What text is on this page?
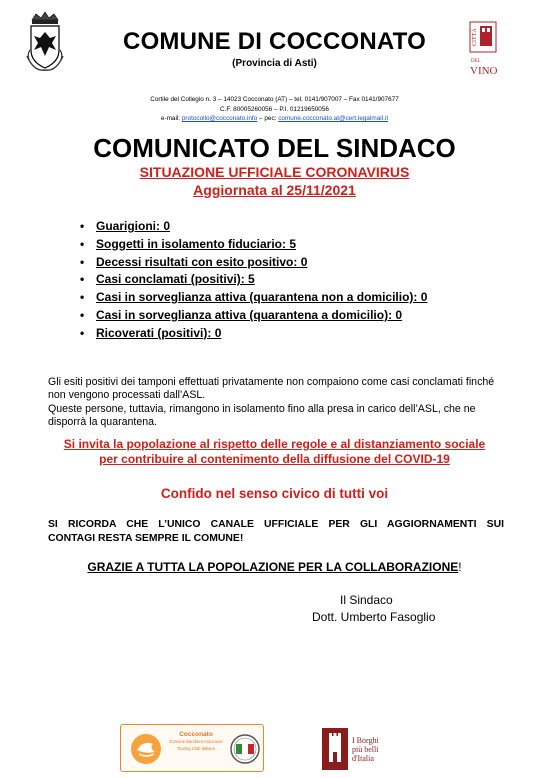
CITTÀ
DEL
VINO
COMUNE DI COCCONATO
(Provincia di Asti)
Cortile del Collegio n. 3 – 14023 Cocconato (AT) – tel. 0141/907007 – Fax 0141/907677
C.F. 80005260056 – P.I. 01219650056
e-mail: protocollo@cocconato.info – pec: comune.cocconato.at@cert.legalmail.it
COMUNICATO DEL SINDACO
SITUAZIONE UFFICIALE CORONAVIRUS
Aggiornata al 25/11/2021
• Guarigioni: 0
• Soggetti in isolamento fiduciario: 5
• Decessi risultati con esito positivo: 0
• Casi conclamati (positivi): 5
• Casi in sorveglianza attiva (quarantena non a domicilio): 0
• Casi in sorveglianza attiva (quarantena a domicilio): 0
• Ricoverati (positivi): 0
Gli esiti positivi dei tamponi effettuati privatamente non compaiono come casi conclamati finché
non vengono processati dall’ASL.
Queste persone, tuttavia, rimangono in isolamento fino alla presa in carico dell’ASL, che ne
disporrà la quarantena.
Si invita la popolazione al rispetto delle regole e al distanziamento sociale
per contribuire al contenimento della diffusione del COVID-19
Confido nel senso civico di tutti voi
SI RICORDA CHE L’UNICO CANALE UFFICIALE PER GLI AGGIORNAMENTI SUI
CONTAGI RESTA SEMPRE IL COMUNE!
GRAZIE A TUTTA LA POPOLAZIONE PER LA COLLABORAZIONE!
Il Sindaco
Dott. Umberto Fasoglio
Cocconato
Comune Bandiera Arancione
Touring Club Italiano
I Borghi
più belli
d'Italia
